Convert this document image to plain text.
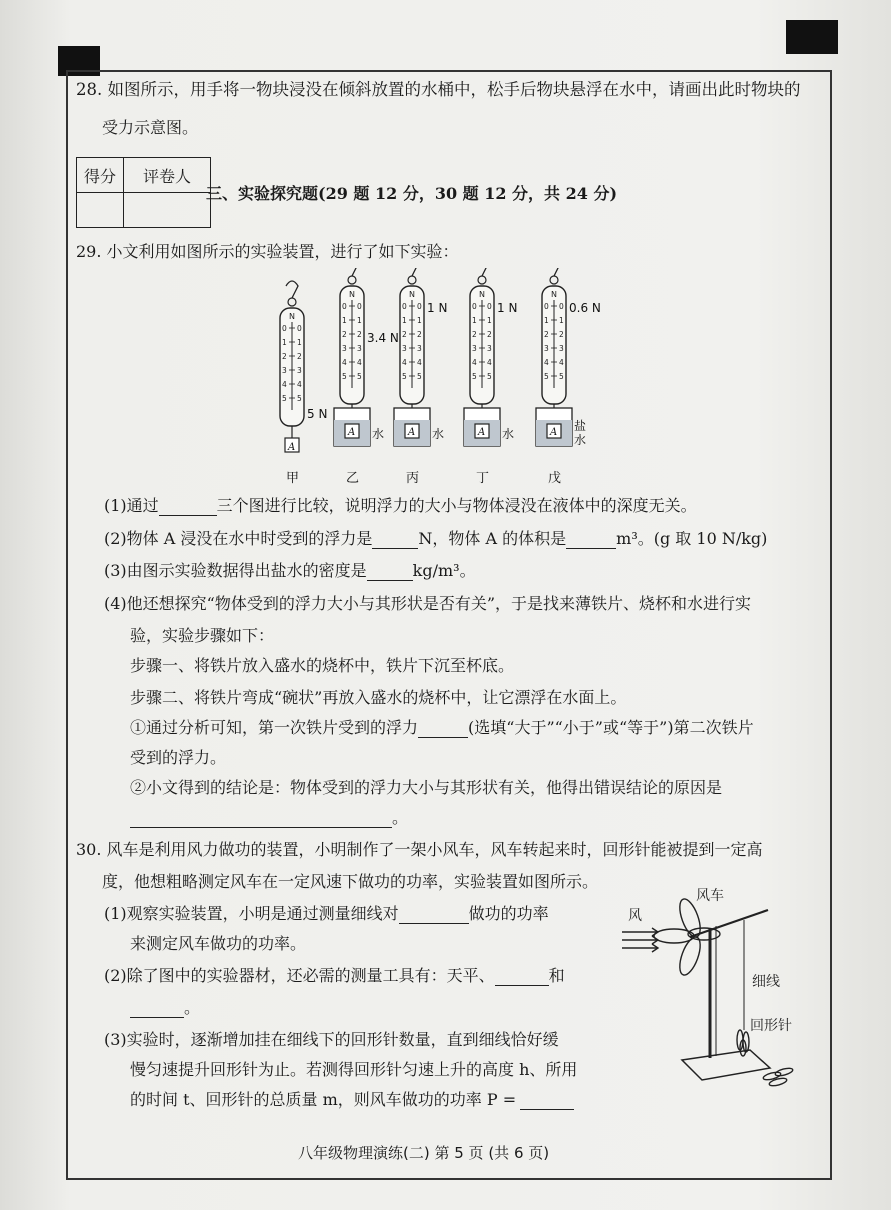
28. 如图所示，用手将一物块浸没在倾斜放置的水桶中，松手后物块悬浮在水中，请画出此时物块的
受力示意图。
得分	评卷人

三、实验探究题(29 题 12 分，30 题 12 分，共 24 分)
29. 小文利用如图所示的实验装置，进行了如下实验：
N
0 0
1 1
2 2
3 3
4 4
5 5
5 N
A
甲
N
0 0
1 1
2 2
3 3
4 4
5 5
3.4 N
A 水
乙
N
0 0
1 1
2 2
3 3
4 4
5 5
1 N
A 水
丙
N
0 0
1 1
2 2
3 3
4 4
5 5
1 N
A 水
丁
N
0 0
1 1
2 2
3 3
4 4
5 5
0.6 N
A 盐
水
戊
(1)通过	三个图进行比较，说明浮力的大小与物体浸没在液体中的深度无关。
(2)物体 A 浸没在水中时受到的浮力是	N，物体 A 的体积是	m³。(g 取 10 N/kg)
(3)由图示实验数据得出盐水的密度是	kg/m³。
(4)他还想探究“物体受到的浮力大小与其形状是否有关”，于是找来薄铁片、烧杯和水进行实
验，实验步骤如下：
步骤一、将铁片放入盛水的烧杯中，铁片下沉至杯底。
步骤二、将铁片弯成“碗状”再放入盛水的烧杯中，让它漂浮在水面上。
①通过分析可知，第一次铁片受到的浮力	(选填“大于”“小于”或“等于”)第二次铁片
受到的浮力。
②小文得到的结论是：物体受到的浮力大小与其形状有关，他得出错误结论的原因是
。
30. 风车是利用风力做功的装置，小明制作了一架小风车，风车转起来时，回形针能被提到一定高
度，他想粗略测定风车在一定风速下做功的功率，实验装置如图所示。
(1)观察实验装置，小明是通过测量细线对	做功的功率
来测定风车做功的功率。
(2)除了图中的实验器材，还必需的测量工具有：天平、	和
。
(3)实验时，逐渐增加挂在细线下的回形针数量，直到细线恰好缓
慢匀速提升回形针为止。若测得回形针匀速上升的高度 h、所用
的时间 t、回形针的总质量 m，则风车做功的功率 P =
风车
风
细线
回形针
八年级物理演练(二) 第 5 页 (共 6 页)
